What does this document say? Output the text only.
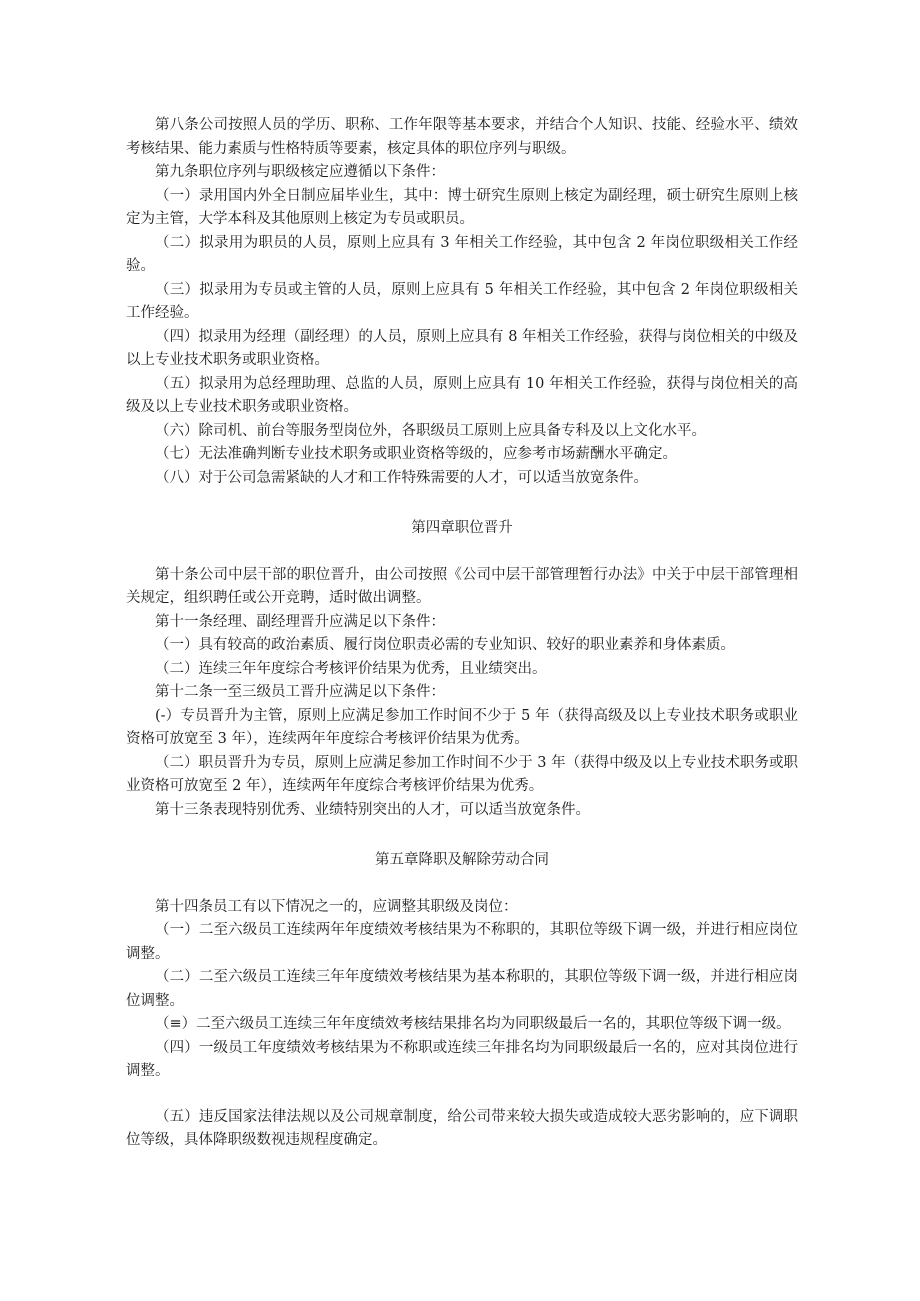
第八条公司按照人员的学历、职称、工作年限等基本要求，并结合个人知识、技能、经验水平、绩效考核结果、能力素质与性格特质等要素，核定具体的职位序列与职级。

第九条职位序列与职级核定应遵循以下条件：

（一）录用国内外全日制应届毕业生，其中：博士研究生原则上核定为副经理，硕士研究生原则上核定为主管，大学本科及其他原则上核定为专员或职员。

（二）拟录用为职员的人员，原则上应具有 3 年相关工作经验，其中包含 2 年岗位职级相关工作经验。

（三）拟录用为专员或主管的人员，原则上应具有 5 年相关工作经验，其中包含 2 年岗位职级相关工作经验。

（四）拟录用为经理（副经理）的人员，原则上应具有 8 年相关工作经验，获得与岗位相关的中级及以上专业技术职务或职业资格。

（五）拟录用为总经理助理、总监的人员，原则上应具有 10 年相关工作经验，获得与岗位相关的高级及以上专业技术职务或职业资格。

（六）除司机、前台等服务型岗位外，各职级员工原则上应具备专科及以上文化水平。

（七）无法准确判断专业技术职务或职业资格等级的，应参考市场薪酬水平确定。

（八）对于公司急需紧缺的人才和工作特殊需要的人才，可以适当放宽条件。

第四章职位晋升

第十条公司中层干部的职位晋升，由公司按照《公司中层干部管理暂行办法》中关于中层干部管理相关规定，组织聘任或公开竞聘，适时做出调整。

第十一条经理、副经理晋升应满足以下条件：

（一）具有较高的政治素质、履行岗位职责必需的专业知识、较好的职业素养和身体素质。

（二）连续三年年度综合考核评价结果为优秀，且业绩突出。

第十二条一至三级员工晋升应满足以下条件：

(-）专员晋升为主管，原则上应满足参加工作时间不少于 5 年（获得高级及以上专业技术职务或职业资格可放宽至 3 年），连续两年年度综合考核评价结果为优秀。

（二）职员晋升为专员，原则上应满足参加工作时间不少于 3 年（获得中级及以上专业技术职务或职业资格可放宽至 2 年），连续两年年度综合考核评价结果为优秀。

第十三条表现特别优秀、业绩特别突出的人才，可以适当放宽条件。

第五章降职及解除劳动合同

第十四条员工有以下情况之一的，应调整其职级及岗位：

（一）二至六级员工连续两年年度绩效考核结果为不称职的，其职位等级下调一级，并进行相应岗位调整。

（二）二至六级员工连续三年年度绩效考核结果为基本称职的，其职位等级下调一级，并进行相应岗位调整。

（≡）二至六级员工连续三年年度绩效考核结果排名均为同职级最后一名的，其职位等级下调一级。

（四）一级员工年度绩效考核结果为不称职或连续三年排名均为同职级最后一名的，应对其岗位进行调整。

（五）违反国家法律法规以及公司规章制度，给公司带来较大损失或造成较大恶劣影响的，应下调职位等级，具体降职级数视违规程度确定。
